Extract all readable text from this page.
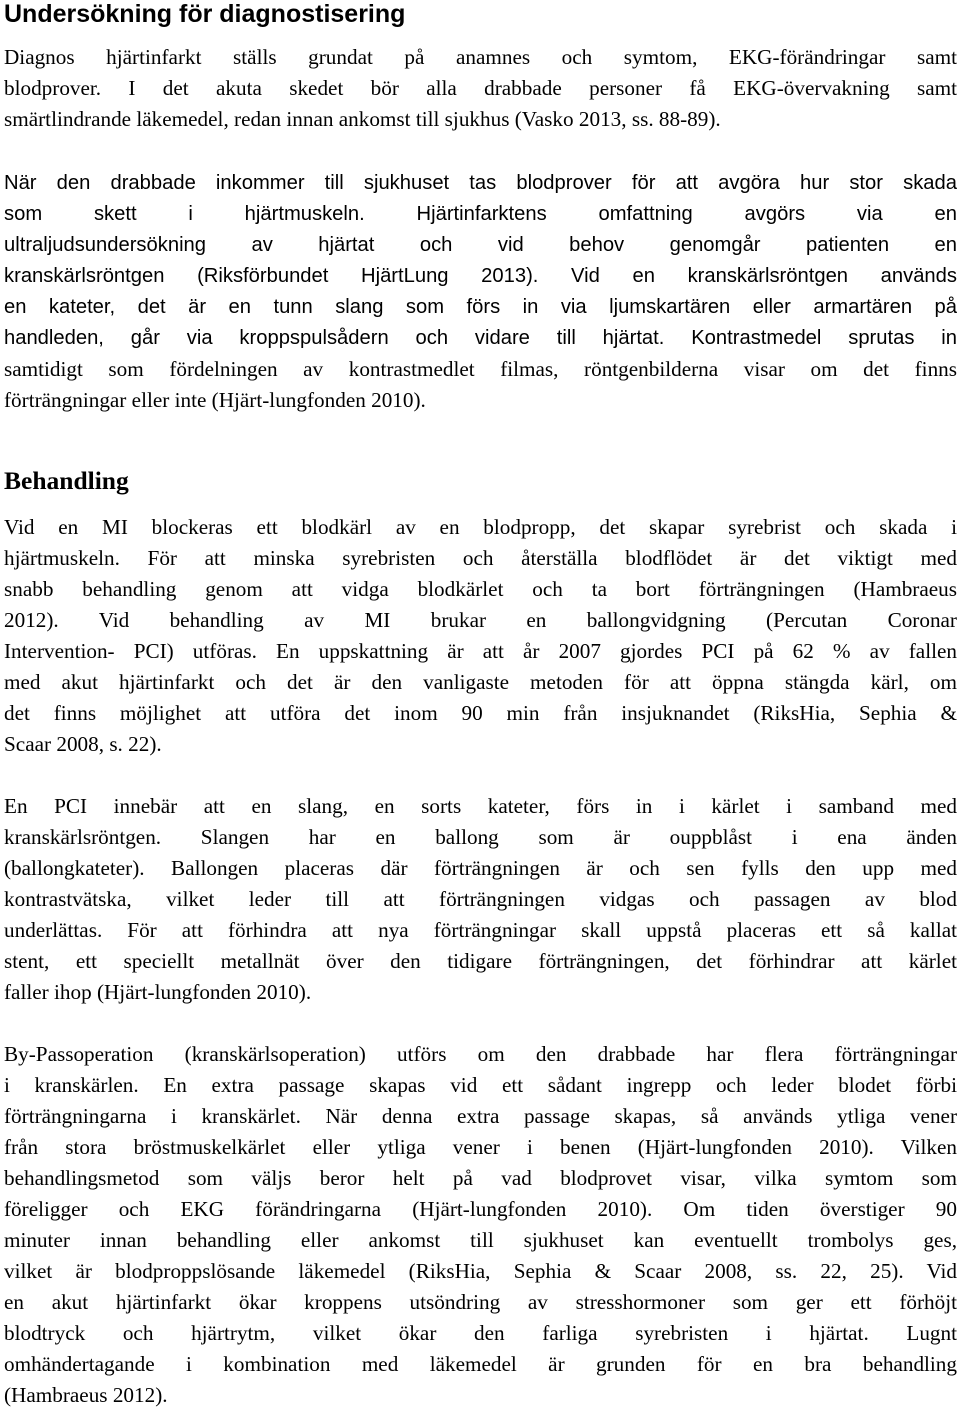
Undersökning för diagnostisering
Diagnos hjärtinfarkt ställs grundat på anamnes och symtom, EKG-förändringar samt
blodprover. I det akuta skedet bör alla drabbade personer få EKG-övervakning samt
smärtlindrande läkemedel, redan innan ankomst till sjukhus (Vasko 2013, ss. 88-89).
När den drabbade inkommer till sjukhuset tas blodprover för att avgöra hur stor skada
som skett i hjärtmuskeln. Hjärtinfarktens omfattning avgörs via en
ultraljudsundersökning av hjärtat och vid behov genomgår patienten en
kranskärlsröntgen (Riksförbundet HjärtLung 2013). Vid en kranskärlsröntgen används
en kateter, det är en tunn slang som förs in via ljumskartären eller armartären på
handleden, går via kroppspulsådern och vidare till hjärtat. Kontrastmedel sprutas in
samtidigt som fördelningen av kontrastmedlet filmas, röntgenbilderna visar om det finns
förträngningar eller inte (Hjärt-lungfonden 2010).
Behandling
Vid en MI blockeras ett blodkärl av en blodpropp, det skapar syrebrist och skada i
hjärtmuskeln. För att minska syrebristen och återställa blodflödet är det viktigt med
snabb behandling genom att vidga blodkärlet och ta bort förträngningen (Hambraeus
2012). Vid behandling av MI brukar en ballongvidgning (Percutan Coronar
Intervention- PCI) utföras. En uppskattning är att år 2007 gjordes PCI på 62 % av fallen
med akut hjärtinfarkt och det är den vanligaste metoden för att öppna stängda kärl, om
det finns möjlighet att utföra det inom 90 min från insjuknandet (RiksHia, Sephia &
Scaar 2008, s. 22).
En PCI innebär att en slang, en sorts kateter, förs in i kärlet i samband med
kranskärlsröntgen. Slangen har en ballong som är ouppblåst i ena änden
(ballongkateter). Ballongen placeras där förträngningen är och sen fylls den upp med
kontrastvätska, vilket leder till att förträngningen vidgas och passagen av blod
underlättas. För att förhindra att nya förträngningar skall uppstå placeras ett så kallat
stent, ett speciellt metallnät över den tidigare förträngningen, det förhindrar att kärlet
faller ihop (Hjärt-lungfonden 2010).
By-Passoperation (kranskärlsoperation) utförs om den drabbade har flera förträngningar
i kranskärlen. En extra passage skapas vid ett sådant ingrepp och leder blodet förbi
förträngningarna i kranskärlet. När denna extra passage skapas, så används ytliga vener
från stora bröstmuskelkärlet eller ytliga vener i benen (Hjärt-lungfonden 2010). Vilken
behandlingsmetod som väljs beror helt på vad blodprovet visar, vilka symtom som
föreligger och EKG förändringarna (Hjärt-lungfonden 2010). Om tiden överstiger 90
minuter innan behandling eller ankomst till sjukhuset kan eventuellt trombolys ges,
vilket är blodproppslösande läkemedel (RiksHia, Sephia & Scaar 2008, ss. 22, 25). Vid
en akut hjärtinfarkt ökar kroppens utsöndring av stresshormoner som ger ett förhöjt
blodtryck och hjärtrytm, vilket ökar den farliga syrebristen i hjärtat. Lugnt
omhändertagande i kombination med läkemedel är grunden för en bra behandling
(Hambraeus 2012).
